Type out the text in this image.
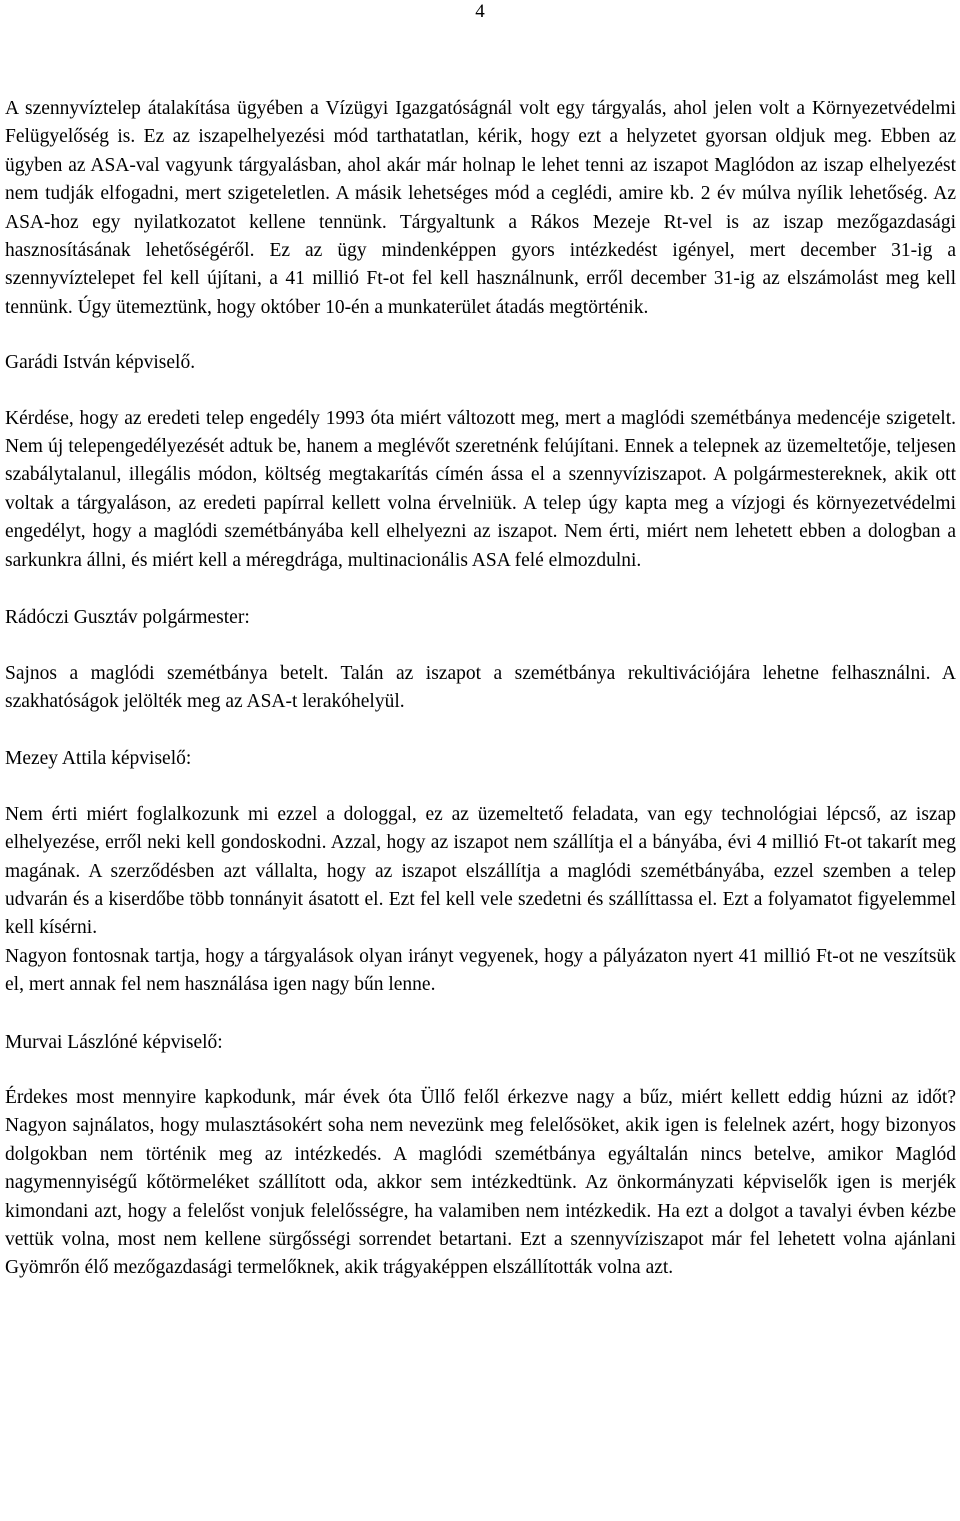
4

A szennyvíztelep átalakítása ügyében a Vízügyi Igazgatóságnál volt egy tárgyalás, ahol jelen volt a Környezetvédelmi Felügyelőség is. Ez az iszapelhelyezési mód tarthatatlan, kérik, hogy ezt a helyzetet gyorsan oldjuk meg. Ebben az ügyben az ASA-val vagyunk tárgyalásban, ahol akár már holnap le lehet tenni az iszapot Maglódon az iszap elhelyezést nem tudják elfogadni, mert szigeteletlen. A másik lehetséges mód a ceglédi, amire kb. 2 év múlva nyílik lehetőség. Az ASA-hoz egy nyilatkozatot kellene tennünk. Tárgyaltunk a Rákos Mezeje Rt-vel is az iszap mezőgazdasági hasznosításának lehetőségéről. Ez az ügy mindenképpen gyors intézkedést igényel, mert december 31-ig a szennyvíztelepet fel kell újítani, a 41 millió Ft-ot fel kell használnunk, erről december 31-ig az elszámolást meg kell tennünk. Úgy ütemeztünk, hogy október 10-én a munkaterület átadás megtörténik.

Garádi István képviselő.

Kérdése, hogy az eredeti telep engedély 1993 óta miért változott meg, mert a maglódi szemétbánya medencéje szigetelt. Nem új telepengedélyezését adtuk be, hanem a meglévőt szeretnénk felújítani. Ennek a telepnek az üzemeltetője, teljesen szabálytalanul, illegális módon, költség megtakarítás címén ássa el a szennyvíziszapot. A polgármestereknek, akik ott voltak a tárgyaláson, az eredeti papírral kellett volna érvelniük. A telep úgy kapta meg a vízjogi és környezetvédelmi engedélyt, hogy a maglódi szemétbányába kell elhelyezni az iszapot. Nem érti, miért nem lehetett ebben a dologban a sarkunkra állni, és miért kell a méregdrága, multinacionális ASA felé elmozdulni.

Rádóczi Gusztáv polgármester:

Sajnos a maglódi szemétbánya betelt. Talán az iszapot a szemétbánya rekultivációjára lehetne felhasználni. A szakhatóságok jelölték meg az ASA-t lerakóhelyül.

Mezey Attila képviselő:

Nem érti miért foglalkozunk mi ezzel a dologgal, ez az üzemeltető feladata, van egy technológiai lépcső, az iszap elhelyezése, erről neki kell gondoskodni. Azzal, hogy az iszapot nem szállítja el a bányába, évi 4 millió Ft-ot takarít meg magának. A szerződésben azt vállalta, hogy az iszapot elszállítja a maglódi szemétbányába, ezzel szemben a telep udvarán és a kiserdőbe több tonnányit ásatott el. Ezt fel kell vele szedetni és szállíttassa el. Ezt a folyamatot figyelemmel kell kísérni.

Nagyon fontosnak tartja, hogy a tárgyalások olyan irányt vegyenek, hogy a pályázaton nyert 41 millió Ft-ot ne veszítsük el, mert annak fel nem használása igen nagy bűn lenne.

Murvai Lászlóné képviselő:

Érdekes most mennyire kapkodunk, már évek óta Üllő felől érkezve nagy a bűz, miért kellett eddig húzni az időt? Nagyon sajnálatos, hogy mulasztásokért soha nem nevezünk meg felelősöket, akik igen is felelnek azért, hogy bizonyos dolgokban nem történik meg az intézkedés. A maglódi szemétbánya egyáltalán nincs betelve, amikor Maglód nagymennyiségű kőtörmeléket szállított oda, akkor sem intézkedtünk. Az önkormányzati képviselők igen is merjék kimondani azt, hogy a felelőst vonjuk felelősségre, ha valamiben nem intézkedik. Ha ezt a dolgot a tavalyi évben kézbe vettük volna, most nem kellene sürgősségi sorrendet betartani. Ezt a szennyvíziszapot már fel lehetett volna ajánlani Gyömrőn élő mezőgazdasági termelőknek, akik trágyaképpen elszállították volna azt.
